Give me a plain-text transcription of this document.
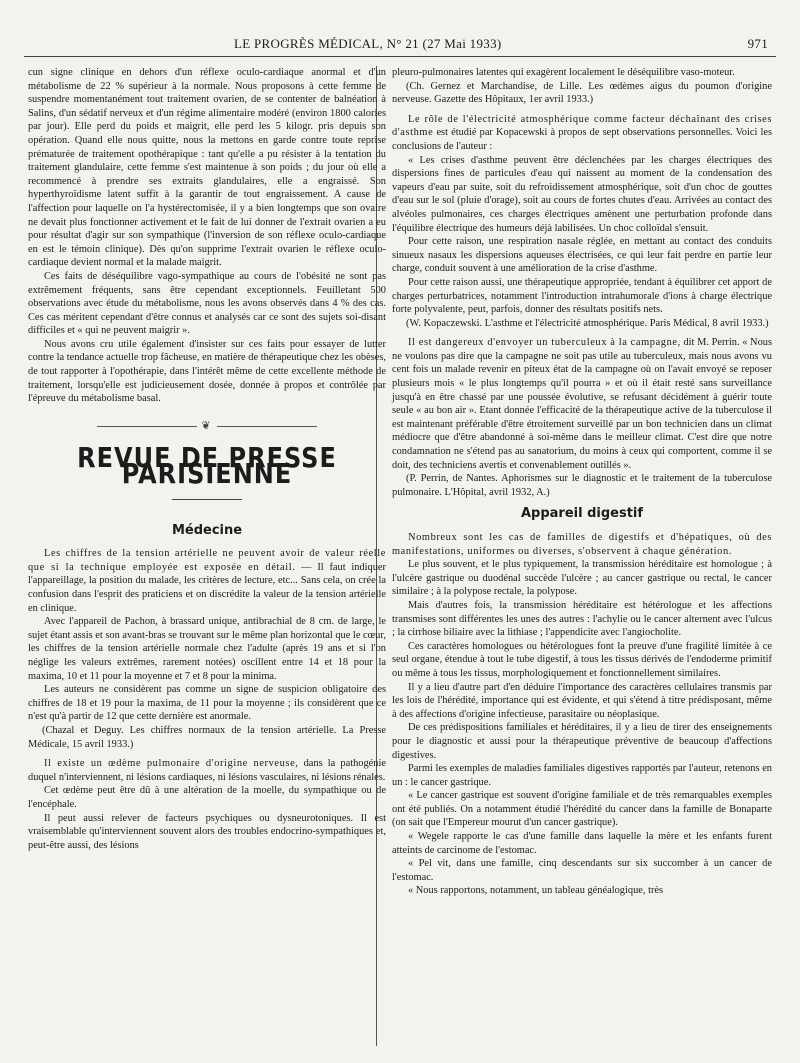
LE PROGRÈS MÉDICAL, N° 21 (27 Mai 1933)	971

cun signe clinique en dehors d'un réflexe oculo-cardiaque anormal et d'un métabolisme de 22 % supérieur à la normale. Nous proposons à cette femme de suspendre momentanément tout traitement ovarien, de se contenter de balnéation à Salins, d'un sédatif nerveux et d'un régime alimentaire modéré (environ 1800 calories par jour). Elle perd du poids et maigrit, elle perd les 5 kilogr. pris depuis son opération. Quand elle nous quitte, nous la mettons en garde contre toute reprise prématurée de traitement opothérapique : tant qu'elle a pu résister à la tentation du traitement glandulaire, cette femme s'est maintenue à son poids ; du jour où elle a recommencé à prendre ses extraits glandulaires, elle a engraissé. Son hyperthyroïdisme latent suffit à la garantir de tout engraissement. A cause de l'affection pour laquelle on l'a hystérectomisée, il y a bien longtemps que son ovaire ne devait plus fonctionner activement et le fait de lui donner de l'extrait ovarien a eu pour résultat d'agir sur son sympathique (l'inversion de son réflexe oculo-cardiaque en est le témoin clinique). Dès qu'on supprime l'extrait ovarien le réflexe oculo-cardiaque devient normal et la malade maigrit.

Ces faits de déséquilibre vago-sympathique au cours de l'obésité ne sont pas extrêmement fréquents, sans être cependant exceptionnels. Feuilletant 500 observations avec étude du métabolisme, nous les avons observés dans 4 % des cas. Ces cas méritent cependant d'être connus et analysés car ce sont des sujets soi-disant difficiles et « qui ne peuvent maigrir ».

Nous avons cru utile également d'insister sur ces faits pour essayer de lutter contre la tendance actuelle trop fâcheuse, en matière de thérapeutique chez les obèses, de tout rapporter à l'opothérapie, dans l'intérêt même de cette excellente méthode de traitement, lorsqu'elle est judicieusement dosée, donnée à propos et contrôlée par l'épreuve du métabolisme basal.

❦
REVUE DE PRESSE PARISIENNE
Médecine

Les chiffres de la tension artérielle ne peuvent avoir de valeur réelle que si la technique employée est exposée en détail. — Il faut indiquer l'appareillage, la position du malade, les critères de lecture, etc... Sans cela, on crée la confusion dans l'esprit des praticiens et on discrédite la valeur de la tension artérielle en clinique.

Avec l'appareil de Pachon, à brassard unique, antibrachial de 8 cm. de large, le sujet étant assis et son avant-bras se trouvant sur le même plan horizontal que le cœur, les chiffres de la tension artérielle normale chez l'adulte (après 19 ans et si l'on néglige les valeurs extrêmes, rarement notées) oscillent entre 14 et 18 pour la maxima, 10 et 11 pour la moyenne et 7 et 8 pour la minima.

Les auteurs ne considèrent pas comme un signe de suspicion obligatoire des chiffres de 18 et 19 pour la maxima, de 11 pour la moyenne ; ils considèrent que ce n'est qu'à partir de 12 que cette dernière est anormale.

(Chazal et Deguy. Les chiffres normaux de la tension artérielle. La Presse Médicale, 15 avril 1933.)

Il existe un œdème pulmonaire d'origine nerveuse, dans la pathogénie duquel n'interviennent, ni lésions cardiaques, ni lésions vasculaires, ni lésions rénales.

Cet œdème peut être dû à une altération de la moelle, du sympathique ou de l'encéphale.

Il peut aussi relever de facteurs psychiques ou dysneurotoniques. Il est vraisemblable qu'interviennent souvent alors des troubles endocrino-sympathiques et, peut-être aussi, des lésions

pleuro-pulmonaires latentes qui exagèrent localement le déséquilibre vaso-moteur.

(Ch. Gernez et Marchandise, de Lille. Les œdèmes aigus du poumon d'origine nerveuse. Gazette des Hôpitaux, 1er avril 1933.)

Le rôle de l'électricité atmosphérique comme facteur déchaînant des crises d'asthme est étudié par Kopacewski à propos de sept observations personnelles. Voici les conclusions de l'auteur :

« Les crises d'asthme peuvent être déclenchées par les charges électriques des dispersions fines de particules d'eau qui naissent au moment de la condensation des vapeurs d'eau par suite, soit du refroidissement atmosphérique, soit d'un choc de gouttes d'eau sur le sol (pluie d'orage), soit au cours de fortes chutes d'eau. Arrivées au contact des alvéoles pulmonaires, ces charges électriques amènent une perturbation profonde dans l'équilibre électrique des humeurs déjà labilisées. Un choc colloïdal s'ensuit.

Pour cette raison, une respiration nasale réglée, en mettant au contact des conduits sinueux nasaux les dispersions aqueuses électrisées, ce qui leur fait perdre en partie leur charge, conduit souvent à une amélioration de la crise d'asthme.

Pour cette raison aussi, une thérapeutique appropriée, tendant à équilibrer cet apport de charges perturbatrices, notamment l'introduction intrahumorale d'ions à charge électrique forte polyvalente, peut, parfois, donner des résultats positifs nets.

(W. Kopaczewski. L'asthme et l'électricité atmosphérique. Paris Médical, 8 avril 1933.)

Il est dangereux d'envoyer un tuberculeux à la campagne, dit M. Perrin. « Nous ne voulons pas dire que la campagne ne soit pas utile au tuberculeux, mais nous avons vu cent fois un malade revenir en piteux état de la campagne où on l'avait envoyé se reposer plusieurs mois « le plus longtemps qu'il pourra » et où il était resté sans surveillance jusqu'à en être chassé par une poussée évolutive, se refusant décidément à guérir toute seule « au bon air ». Etant donnée l'efficacité de la thérapeutique active de la tuberculose il est maintenant préférable d'être étroitement surveillé par un bon technicien dans un climat médiocre que d'être abandonné à soi-même dans le meilleur climat. C'est dire que notre condamnation ne s'étend pas au sanatorium, du moins à ceux qui comportent, comme il se doit, des techniciens avertis et convenablement outillés ».

(P. Perrin, de Nantes. Aphorismes sur le diagnostic et le traitement de la tuberculose pulmonaire. L'Hôpital, avril 1932, A.)

Appareil digestif

Nombreux sont les cas de familles de digestifs et d'hépatiques, où des manifestations, uniformes ou diverses, s'observent à chaque génération.

Le plus souvent, et le plus typiquement, la transmission héréditaire est homologue ; à l'ulcère gastrique ou duodénal succède l'ulcère ; au cancer gastrique ou rectal, le cancer similaire ; à la polypose rectale, la polypose.

Mais d'autres fois, la transmission héréditaire est hétérologue et les affections transmises sont différentes les unes des autres : l'achylie ou le cancer alternent avec l'ulcus ; la cirrhose biliaire avec la lithiase ; l'appendicite avec l'angiocholite.

Ces caractères homologues ou hétérologues font la preuve d'une fragilité limitée à ce seul organe, étendue à tout le tube digestif, à tous les tissus dérivés de l'endoderme primitif ou même à tous les tissus, morphologiquement et fonctionnellement similaires.

Il y a lieu d'autre part d'en déduire l'importance des caractères cellulaires transmis par les lois de l'hérédité, importance qui est évidente, et qui s'étend à titre prédisposant, même à des affections d'origine infectieuse, parasitaire ou néoplasique.

De ces prédispositions familiales et héréditaires, il y a lieu de tirer des enseignements pour le diagnostic et aussi pour la thérapeutique préventive de beaucoup d'affections digestives.

Parmi les exemples de maladies familiales digestives rapportés par l'auteur, retenons en un : le cancer gastrique.

« Le cancer gastrique est souvent d'origine familiale et de très remarquables exemples ont été publiés. On a notamment étudié l'hérédité du cancer dans la famille de Bonaparte (on sait que l'Empereur mourut d'un cancer gastrique).

« Wegele rapporte le cas d'une famille dans laquelle la mère et les enfants furent atteints de carcinome de l'estomac.

« Pel vit, dans une famille, cinq descendants sur six succomber à un cancer de l'estomac.

« Nous rapportons, notamment, un tableau généalogique, très
